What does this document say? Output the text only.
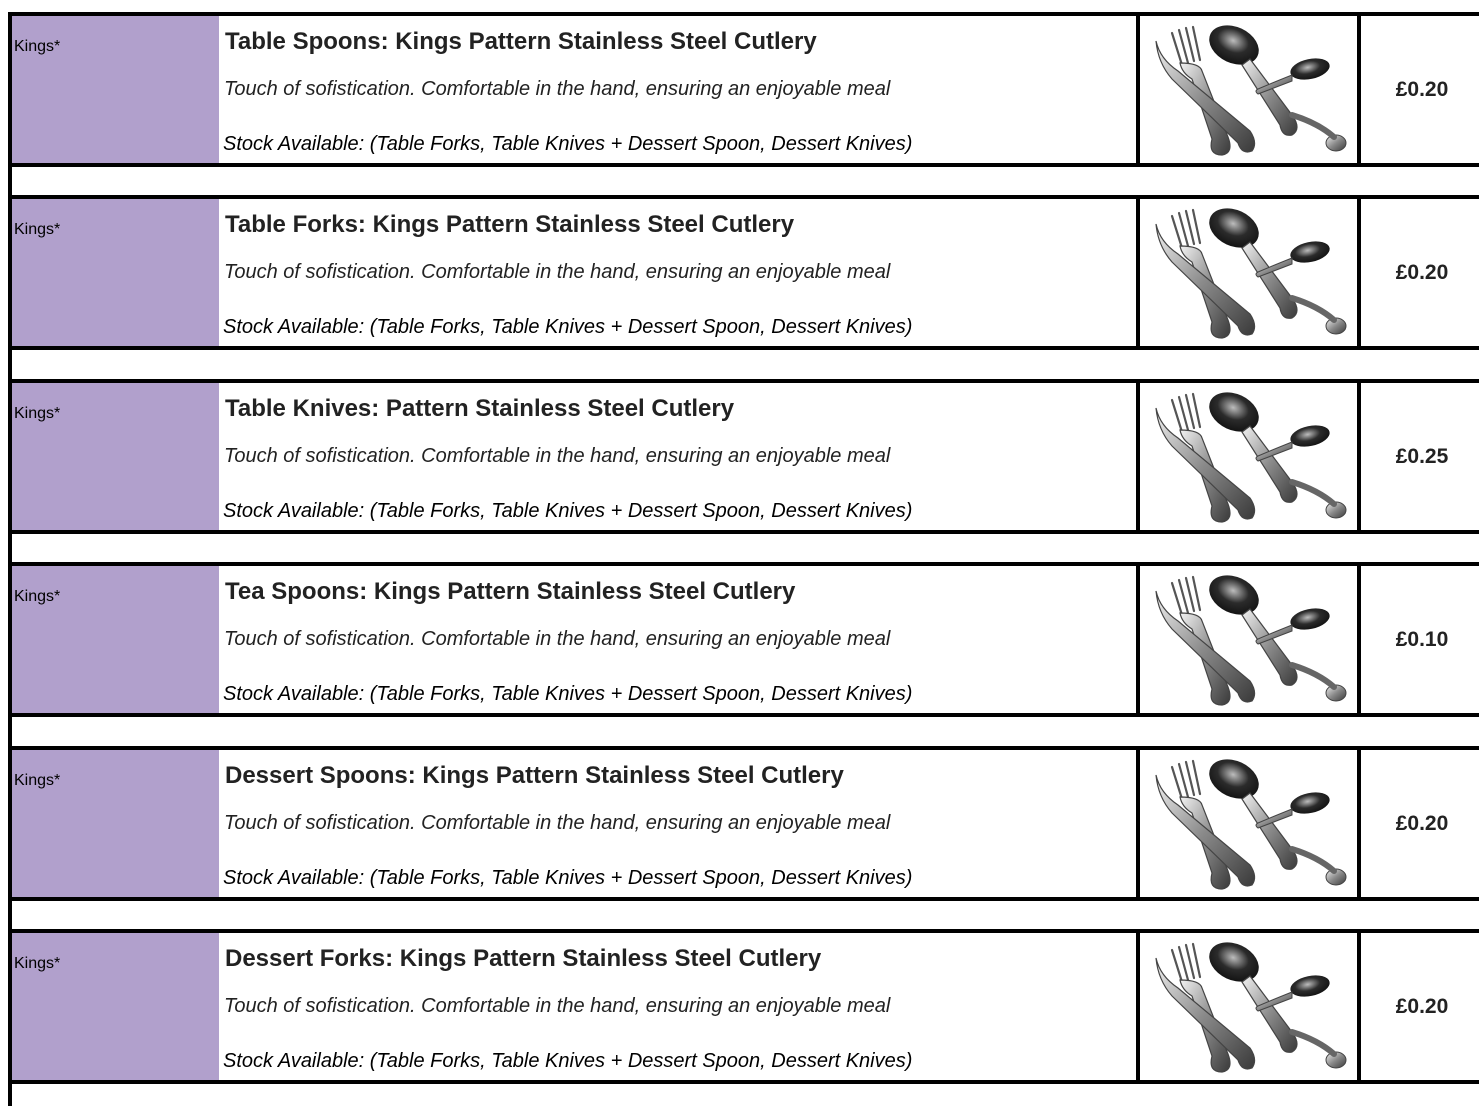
Kings*	Table Spoons: Kings Pattern Stainless Steel Cutlery
Touch of sofistication. Comfortable in the hand, ensuring an enjoyable meal
Stock Available: (Table Forks, Table Knives + Dessert Spoon, Dessert Knives)
£0.20
Kings*	Table Forks: Kings Pattern Stainless Steel Cutlery
Touch of sofistication. Comfortable in the hand, ensuring an enjoyable meal
Stock Available: (Table Forks, Table Knives + Dessert Spoon, Dessert Knives)
£0.20
Kings*	Table Knives: Pattern Stainless Steel Cutlery
Touch of sofistication. Comfortable in the hand, ensuring an enjoyable meal
Stock Available: (Table Forks, Table Knives + Dessert Spoon, Dessert Knives)
£0.25
Kings*	Tea Spoons: Kings Pattern Stainless Steel Cutlery
Touch of sofistication. Comfortable in the hand, ensuring an enjoyable meal
Stock Available: (Table Forks, Table Knives + Dessert Spoon, Dessert Knives)
£0.10
Kings*	Dessert Spoons: Kings Pattern Stainless Steel Cutlery
Touch of sofistication. Comfortable in the hand, ensuring an enjoyable meal
Stock Available: (Table Forks, Table Knives + Dessert Spoon, Dessert Knives)
£0.20
Kings*	Dessert Forks: Kings Pattern Stainless Steel Cutlery
Touch of sofistication. Comfortable in the hand, ensuring an enjoyable meal
Stock Available: (Table Forks, Table Knives + Dessert Spoon, Dessert Knives)
£0.20
